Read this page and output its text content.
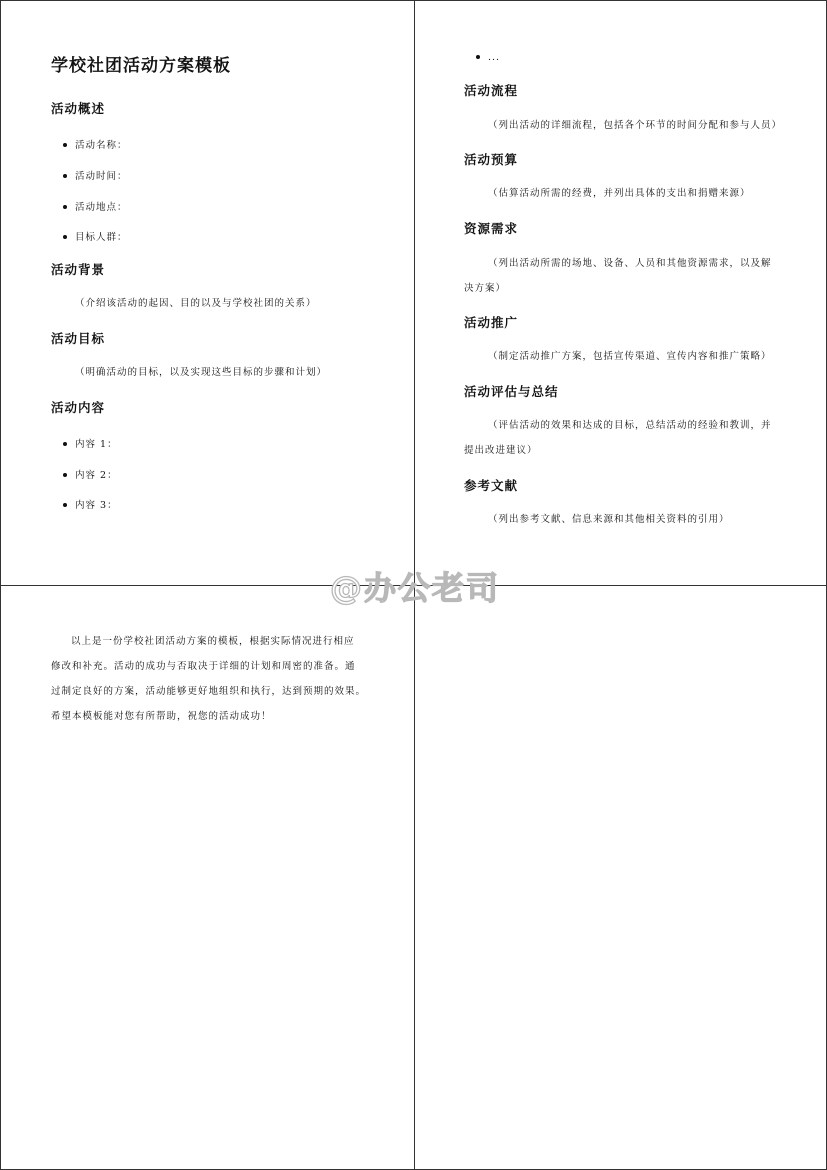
学校社团活动方案模板
活动概述
活动名称：
活动时间：
活动地点：
目标人群：
活动背景
（介绍该活动的起因、目的以及与学校社团的关系）
活动目标
（明确活动的目标，以及实现这些目标的步骤和计划）
活动内容
内容 1：
内容 2：
内容 3：
...
活动流程
（列出活动的详细流程，包括各个环节的时间分配和参与人员）
活动预算
（估算活动所需的经费，并列出具体的支出和捐赠来源）
资源需求
（列出活动所需的场地、设备、人员和其他资源需求，以及解
决方案）
活动推广
（制定活动推广方案，包括宣传渠道、宣传内容和推广策略）
活动评估与总结
（评估活动的效果和达成的目标，总结活动的经验和教训，并
提出改进建议）
参考文献
（列出参考文献、信息来源和其他相关资料的引用）
以上是一份学校社团活动方案的模板，根据实际情况进行相应
修改和补充。活动的成功与否取决于详细的计划和周密的准备。通
过制定良好的方案，活动能够更好地组织和执行，达到预期的效果。
希望本模板能对您有所帮助，祝您的活动成功！
@办公老司
